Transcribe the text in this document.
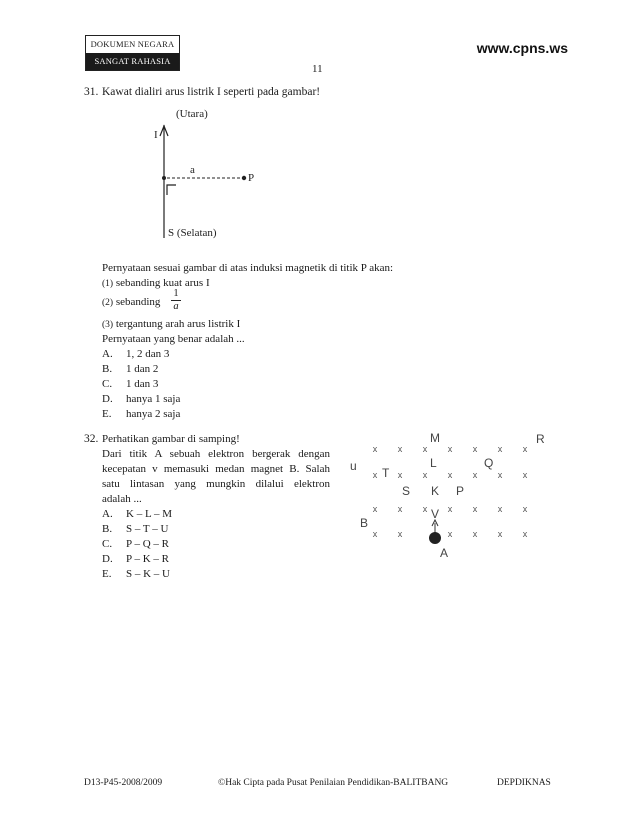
DOKUMEN NEGARA
SANGAT RAHASIA
www.cpns.ws
11
31. Kawat dialiri arus listrik I seperti pada gambar!
(Utara)
I
a
P
S (Selatan)
Pernyataan sesuai gambar di atas induksi magnetik di titik P akan:
(1) sebanding kuat arus I
(2) sebanding
1
a
(3) tergantung arah arus listrik I
Pernyataan yang benar adalah ...
A. 1, 2 dan 3
B. 1 dan 2
C. 1 dan 3
D. hanya 1 saja
E. hanya 2 saja
32. Perhatikan gambar di samping!
Dari titik A sebuah elektron bergerak dengan
kecepatan v memasuki medan magnet B. Salah
satu lintasan yang mungkin dilalui elektron
adalah ...
A. K – L – M
B. S – T – U
C. P – Q – R
D. P – K – R
E. S – K – U
x x x x x x x
x x x x x x x
x x x x x x x
x x	x x x x
M	R
L	Q
u T
S K P
V
B
A
D13-P45-2008/2009	©Hak Cipta pada Pusat Penilaian Pendidikan-BALITBANG	DEPDIKNAS
